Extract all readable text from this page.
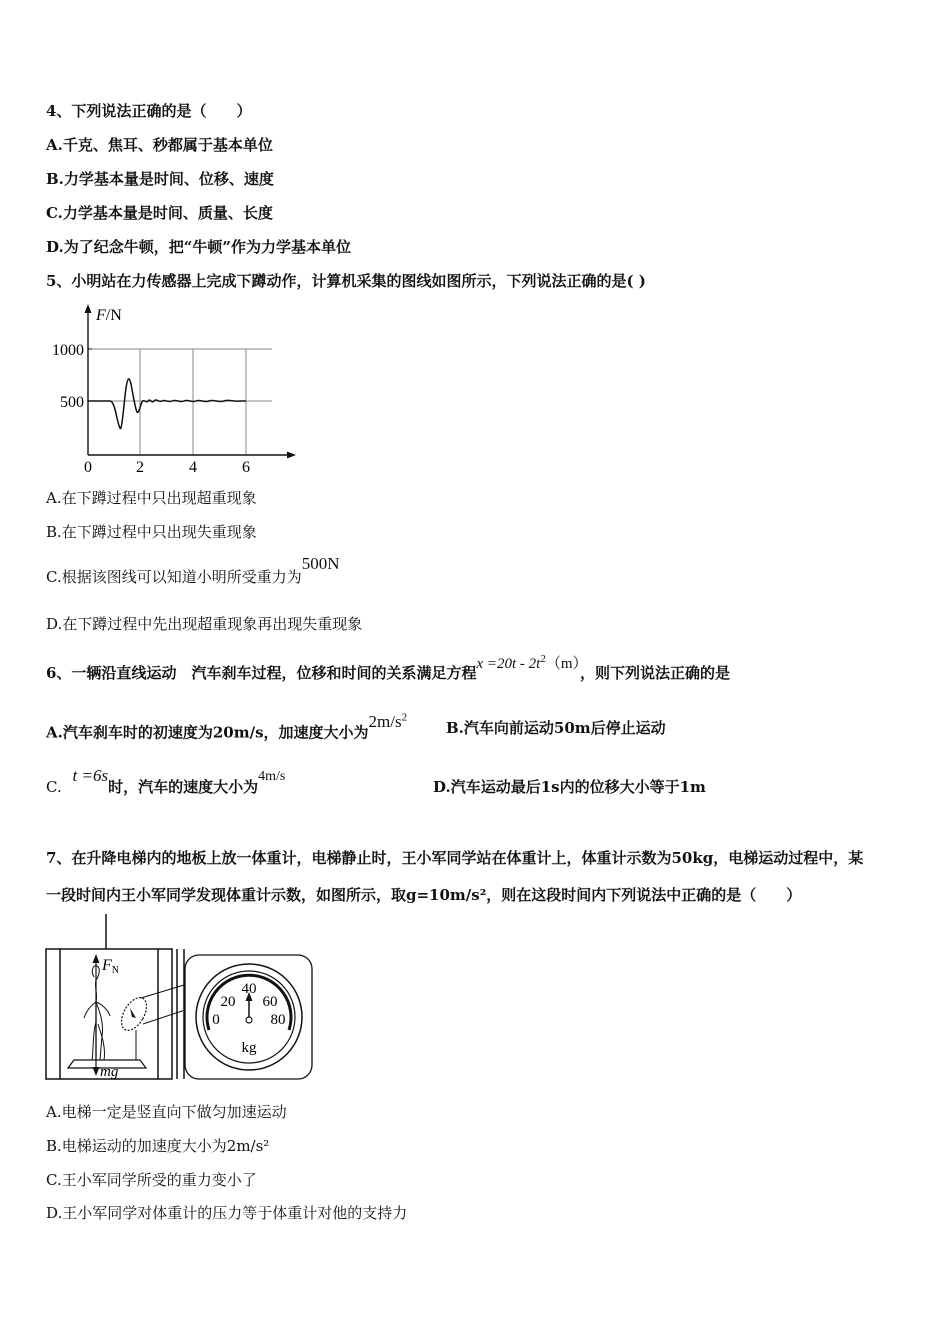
4、下列说法正确的是（　　）
A.千克、焦耳、秒都属于基本单位
B.力学基本量是时间、位移、速度
C.力学基本量是时间、质量、长度
D.为了纪念牛顿，把“牛顿”作为力学基本单位
5、小明站在力传感器上完成下蹲动作，计算机采集的图线如图所示，下列说法正确的是( )
F/N
1000
500
0	2	4	6
A.在下蹲过程中只出现超重现象
B.在下蹲过程中只出现失重现象
C.根据该图线可以知道小明所受重力为500N
D.在下蹲过程中先出现超重现象再出现失重现象
6、一辆沿直线运动　汽车刹车过程，位移和时间的关系满足方程$x =20t - 2t^2(m)$，则下列说法正确的是
A.汽车刹车时的初速度为20m/s，加速度大小为$2m/s^2$
B.汽车向前运动50m后停止运动
C. t =6s时，汽车的速度大小为4m/s
D.汽车运动最后1s内的位移大小等于1m
7、在升降电梯内的地板上放一体重计，电梯静止时，王小军同学站在体重计上，体重计示数为50kg，电梯运动过程中，某
一段时间内王小军同学发现体重计示数，如图所示，取g=10m/s²，则在这段时间内下列说法中正确的是（　　）
FN
mg
0
20
40
60
80
kg
A.电梯一定是竖直向下做匀加速运动
B.电梯运动的加速度大小为2m/s²
C.王小军同学所受的重力变小了
D.王小军同学对体重计的压力等于体重计对他的支持力
